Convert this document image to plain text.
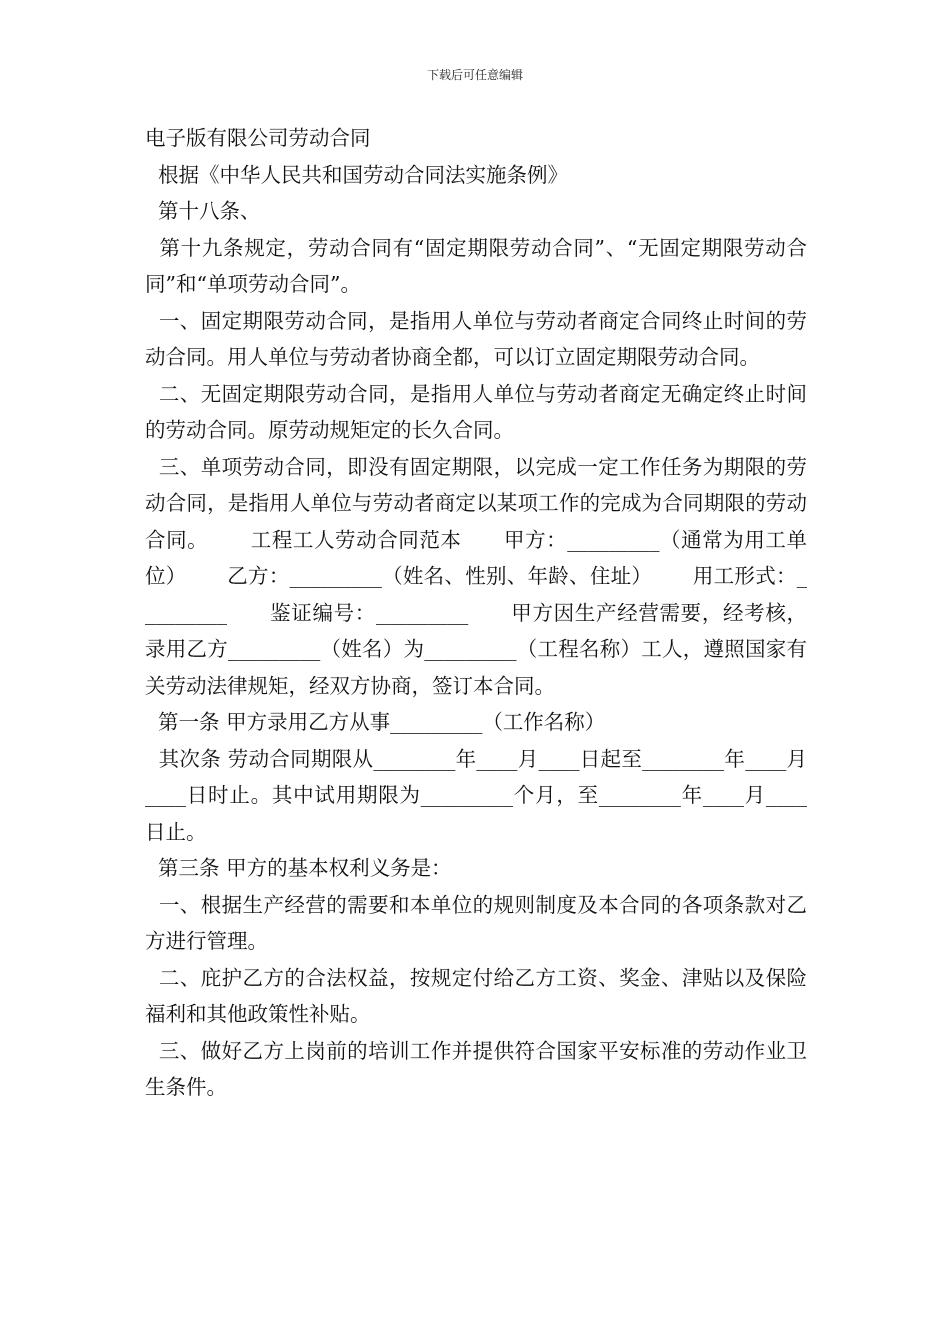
下载后可任意编辑

电子版有限公司劳动合同

根据《中华人民共和国劳动合同法实施条例》

第十八条、

第十九条规定，劳动合同有“固定期限劳动合同”、“无固定期限劳动合同”和“单项劳动合同”。

一、固定期限劳动合同，是指用人单位与劳动者商定合同终止时间的劳动合同。用人单位与劳动者协商全都，可以订立固定期限劳动合同。

二、无固定期限劳动合同，是指用人单位与劳动者商定无确定终止时间的劳动合同。原劳动规矩定的长久合同。

三、单项劳动合同，即没有固定期限，以完成一定工作任务为期限的劳动合同，是指用人单位与劳动者商定以某项工作的完成为合同期限的劳动合同。      工程工人劳动合同范本      甲方：_________（通常为用工单位）      乙方：_________（姓名、性别、年龄、住址）      用工形式：_________      鉴证编号：_________      甲方因生产经营需要，经考核，录用乙方_________（姓名）为_________（工程名称）工人，遵照国家有关劳动法律规矩，经双方协商，签订本合同。

第一条 甲方录用乙方从事_________（工作名称）

其次条 劳动合同期限从________年____月____日起至________年____月____日时止。其中试用期限为_________个月，至________年____月____日止。

第三条 甲方的基本权利义务是：

一、根据生产经营的需要和本单位的规则制度及本合同的各项条款对乙方进行管理。

二、庇护乙方的合法权益，按规定付给乙方工资、奖金、津贴以及保险福利和其他政策性补贴。

三、做好乙方上岗前的培训工作并提供符合国家平安标准的劳动作业卫生条件。
